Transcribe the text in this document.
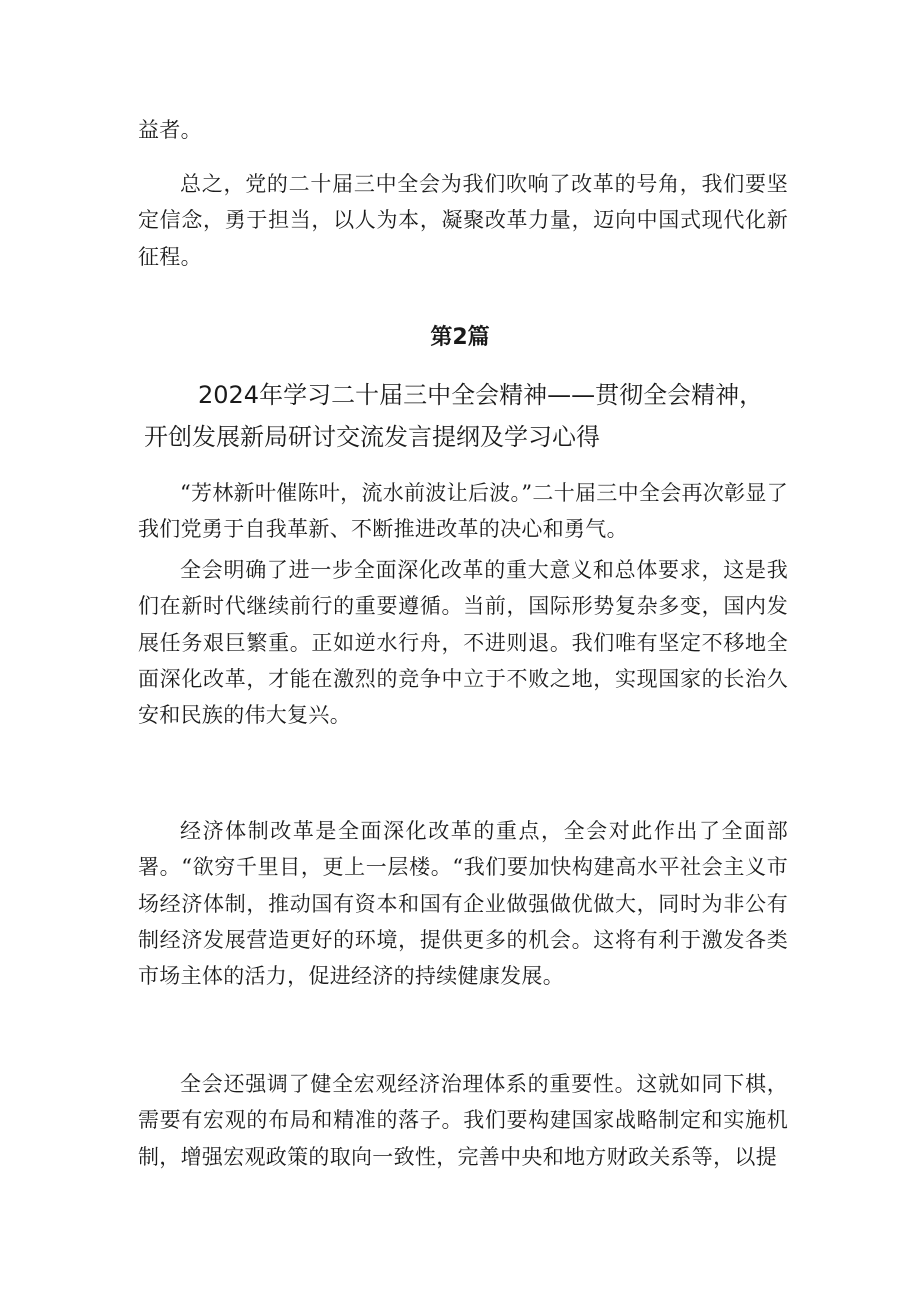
益者。

总之，党的二十届三中全会为我们吹响了改革的号角，我们要坚定信念，勇于担当，以人为本，凝聚改革力量，迈向中国式现代化新征程。

第2篇
2024年学习二十届三中全会精神——贯彻全会精神，
开创发展新局研讨交流发言提纲及学习心得

“芳林新叶催陈叶，流水前波让后波。”二十届三中全会再次彰显了我们党勇于自我革新、不断推进改革的决心和勇气。

全会明确了进一步全面深化改革的重大意义和总体要求，这是我们在新时代继续前行的重要遵循。当前，国际形势复杂多变，国内发展任务艰巨繁重。正如逆水行舟，不进则退。我们唯有坚定不移地全面深化改革，才能在激烈的竞争中立于不败之地，实现国家的长治久安和民族的伟大复兴。

经济体制改革是全面深化改革的重点，全会对此作出了全面部署。“欲穷千里目，更上一层楼。“我们要加快构建高水平社会主义市场经济体制，推动国有资本和国有企业做强做优做大，同时为非公有制经济发展营造更好的环境，提供更多的机会。这将有利于激发各类市场主体的活力，促进经济的持续健康发展。

全会还强调了健全宏观经济治理体系的重要性。这就如同下棋，需要有宏观的布局和精准的落子。我们要构建国家战略制定和实施机制，增强宏观政策的取向一致性，完善中央和地方财政关系等，以提
